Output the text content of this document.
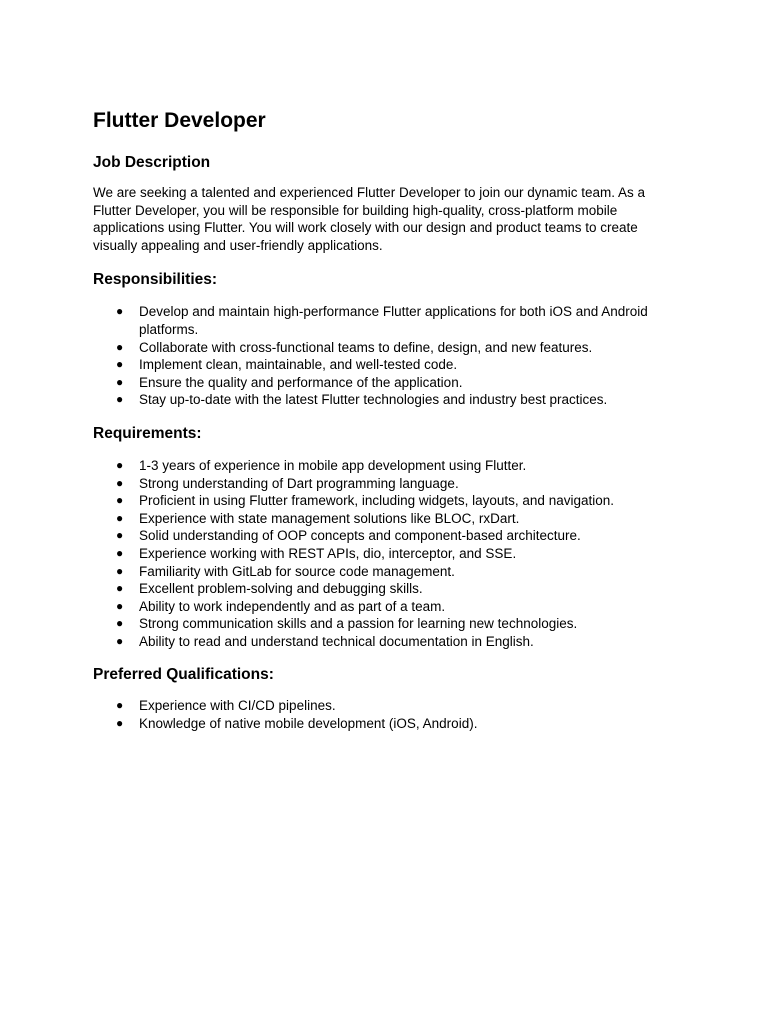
Flutter Developer
Job Description

We are seeking a talented and experienced Flutter Developer to join our dynamic team. As a Flutter Developer, you will be responsible for building high-quality, cross-platform mobile applications using Flutter. You will work closely with our design and product teams to create visually appealing and user-friendly applications.

Responsibilities:
● Develop and maintain high-performance Flutter applications for both iOS and Android platforms.
● Collaborate with cross-functional teams to define, design, and new features.
● Implement clean, maintainable, and well-tested code.
● Ensure the quality and performance of the application.
● Stay up-to-date with the latest Flutter technologies and industry best practices.
Requirements:
● 1-3 years of experience in mobile app development using Flutter.
● Strong understanding of Dart programming language.
● Proficient in using Flutter framework, including widgets, layouts, and navigation.
● Experience with state management solutions like BLOC, rxDart.
● Solid understanding of OOP concepts and component-based architecture.
● Experience working with REST APIs, dio, interceptor, and SSE.
● Familiarity with GitLab for source code management.
● Excellent problem-solving and debugging skills.
● Ability to work independently and as part of a team.
● Strong communication skills and a passion for learning new technologies.
● Ability to read and understand technical documentation in English.
Preferred Qualifications:
● Experience with CI/CD pipelines.
● Knowledge of native mobile development (iOS, Android).
